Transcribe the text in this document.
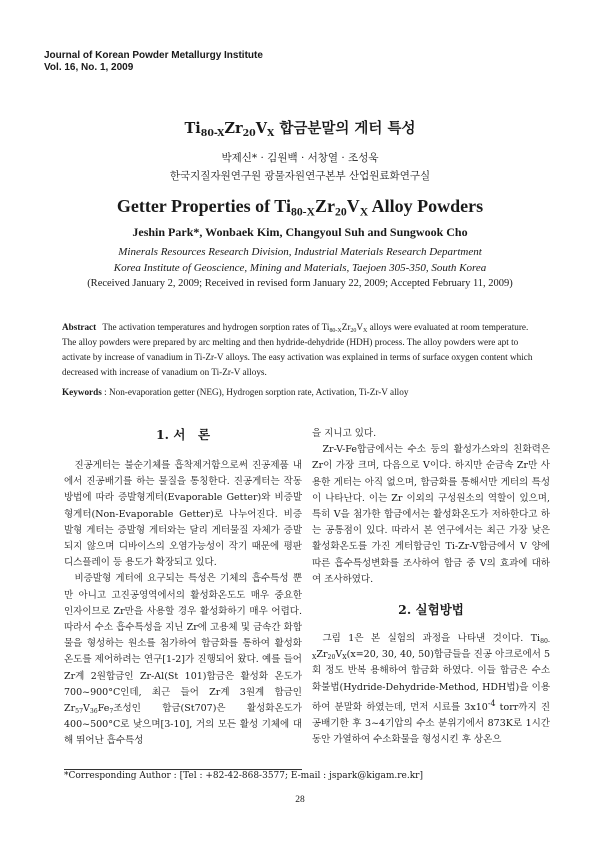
Journal of Korean Powder Metallurgy Institute
Vol. 16, No. 1, 2009
$Ti_{80-X}Zr_{20}V_X$ 합금분말의 게터 특성
박제신* · 김원백 · 서창열 · 조성욱
한국지질자원연구원 광물자원연구본부 산업원료화연구실
Getter Properties of $Ti_{80-X}Zr_{20}V_X$ Alloy Powders
Jeshin Park*, Wonbaek Kim, Changyoul Suh and Sungwook Cho
Minerals Resources Research Division, Industrial Materials Research Department
Korea Institute of Geoscience, Mining and Materials, Taejoen 305-350, South Korea
(Received January 2, 2009; Received in revised form January 22, 2009; Accepted February 11, 2009)
Abstract The activation temperatures and hydrogen sorption rates of $Ti_{80-X}Zr_{20}V_X$ alloys were evaluated at room temperature. The alloy powders were prepared by arc melting and then hydride-dehydride (HDH) process. The alloy powders were apt to activate by increase of vanadium in Ti-Zr-V alloys. The easy activation was explained in terms of surface oxygen content which decreased with increase of vanadium on Ti-Zr-V alloys.
Keywords : Non-evaporation getter (NEG), Hydrogen sorption rate, Activation, Ti-Zr-V alloy
1. 서　론

진공게터는 불순기체를 흡착제거함으로써 진공제품 내에서 진공배기를 하는 물질을 통칭한다. 진공게터는 작동방법에 따라 증발형게터(Evaporable Getter)와 비증발형게터(Non-Evaporable Getter)로 나누어진다. 비증발형 게터는 증발형 게터와는 달리 게터물질 자체가 증발되지 않으며 디바이스의 오염가능성이 작기 때문에 평판디스플레이 등 용도가 확장되고 있다.

비증발형 게터에 요구되는 특성은 기체의 흡수특성 뿐만 아니고 고진공영역에서의 활성화온도도 매우 중요한 인자이므로 Zr만을 사용할 경우 활성화하기 매우 어렵다. 따라서 수소 흡수특성을 지닌 Zr에 고용체 및 금속간 화합물을 형성하는 원소를 첨가하여 합금화를 통하여 활성화 온도를 제어하려는 연구[1-2]가 진행되어 왔다. 예를 들어 Zr계 2원합금인 Zr-Al(St 101)합금은 활성화 온도가 700~900°C인데, 최근 들어 Zr계 3원계 합금인 $Zr_{57}V_{36}Fe_7$조성인 합금(St707)은 활성화온도가 400~500°C로 낮으며[3-10], 거의 모든 활성 기체에 대해 뛰어난 흡수특성

을 지니고 있다.

Zr-V-Fe합금에서는 수소 등의 활성가스와의 친화력은 Zr이 가장 크며, 다음으로 V이다. 하지만 순금속 Zr만 사용한 게터는 아직 없으며, 합금화를 통해서만 게터의 특성이 나타난다. 이는 Zr 이외의 구성원소의 역할이 있으며, 특히 V을 첨가한 합금에서는 활성화온도가 저하한다고 하는 공통점이 있다. 따라서 본 연구에서는 최근 가장 낮은 활성화온도를 가진 게터합금인 Ti-Zr-V합금에서 V 양에 따른 흡수특성변화를 조사하여 합금 중 V의 효과에 대하여 조사하였다.

2. 실험방법

그림 1은 본 실험의 과정을 나타낸 것이다. $Ti_{80-X}Zr_{20}V_X(x=20$, 30, 40, 50)합금들을 진공 아크로에서 5회 정도 반복 용해하여 합금화 하였다. 이들 합금은 수소화불법(Hydride-Dehydride-Method, HDH법)을 이용하여 분말화 하였는데, 먼저 시료를 $3x10^{-4}$ torr까지 진공배기한 후 3~4기압의 수소 분위기에서 873K로 1시간 동안 가열하여 수소화물을 형성시킨 후 상온으

*Corresponding Author : [Tel : +82-42-868-3577; E-mail : jspark@kigam.re.kr]
28
